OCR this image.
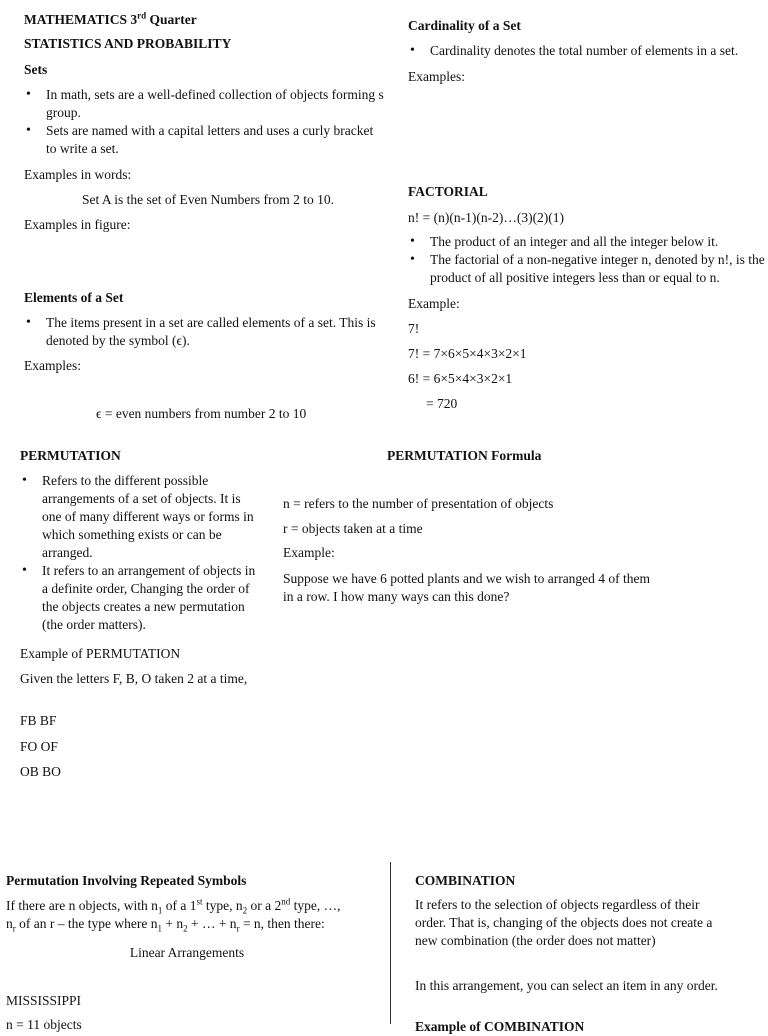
MATHEMATICS 3rd Quarter
STATISTICS AND PROBABILITY
Sets
• In math, sets are a well-defined collection of objects forming s group.
• Sets are named with a capital letters and uses a curly bracket to write a set.
Examples in words:
Set A is the set of Even Numbers from 2 to 10.
Examples in figure:
Elements of a Set
• The items present in a set are called elements of a set. This is denoted by the symbol (ϵ).
Examples:
ϵ = even numbers from number 2 to 10
Cardinality of a Set
• Cardinality denotes the total number of elements in a set.
Examples:
FACTORIAL
n! = (n)(n-1)(n-2)…(3)(2)(1)
• The product of an integer and all the integer below it.
• The factorial of a non-negative integer n, denoted by n!, is the product of all positive integers less than or equal to n.
Example:
7!
7! = 7×6×5×4×3×2×1
6! = 6×5×4×3×2×1
= 720
PERMUTATION
• Refers to the different possible arrangements of a set of objects. It is one of many different ways or forms in which something exists or can be arranged.
• It refers to an arrangement of objects in a definite order, Changing the order of the objects creates a new permutation (the order matters).
Example of PERMUTATION
Given the letters F, B, O taken 2 at a time,
FB BF
FO OF
OB BO
PERMUTATION Formula
n = refers to the number of presentation of objects
r = objects taken at a time
Example:
Suppose we have 6 potted plants and we wish to arranged 4 of them in a row. I how many ways can this done?
Permutation Involving Repeated Symbols
If there are n objects, with $n_1$ of a 1st type, $n_2$ or a 2nd type, …,
$n_r$ of an r – the type where $n_1 + n_2$ + … + $n_r = n$, then there:
Linear Arrangements
MISSISSIPPI
n = 11 objects
COMBINATION
It refers to the selection of objects regardless of their order. That is, changing of the objects does not create a new combination (the order does not matter)
In this arrangement, you can select an item in any order.
Example of COMBINATION
